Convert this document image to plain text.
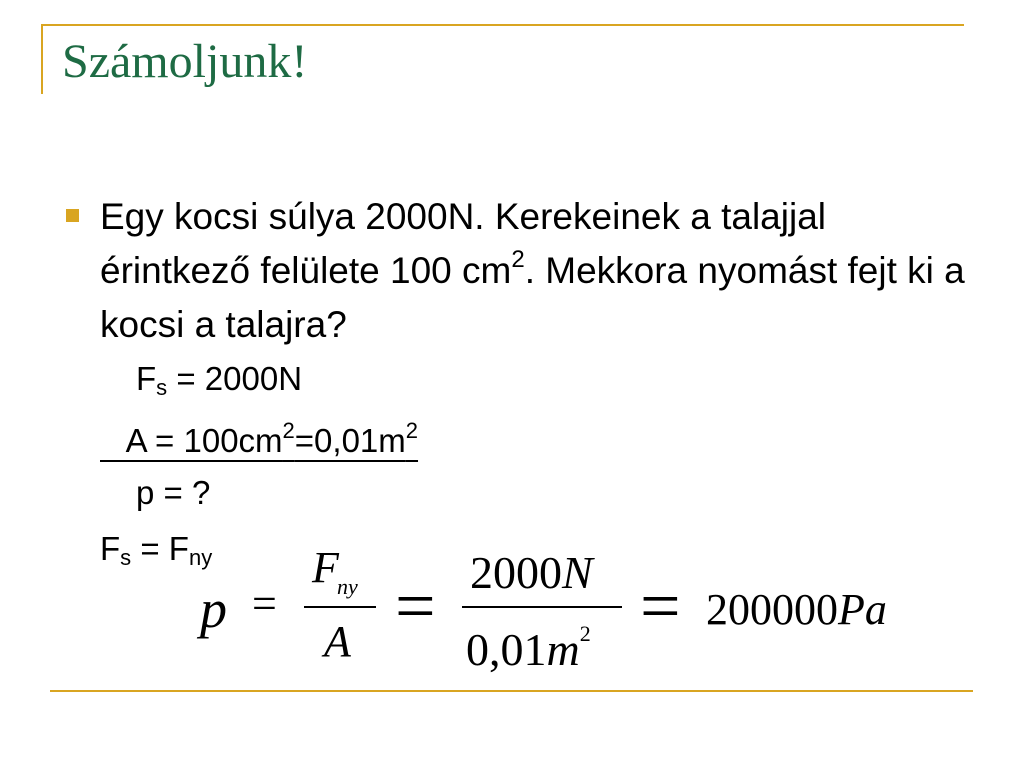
Számoljunk!
Egy kocsi súlya 2000N. Kerekeinek a talajjal érintkező felülete 100 $cm^2$. Mekkora nyomást fejt ki a kocsi a talajra?
$F_s = 2000N$
$A = 100cm^2=0,01m^2$
p = ?
$F_s = F_{ny}$
p =
F
ny
A = 2000N
$0,01m^2 = 200000Pa$
